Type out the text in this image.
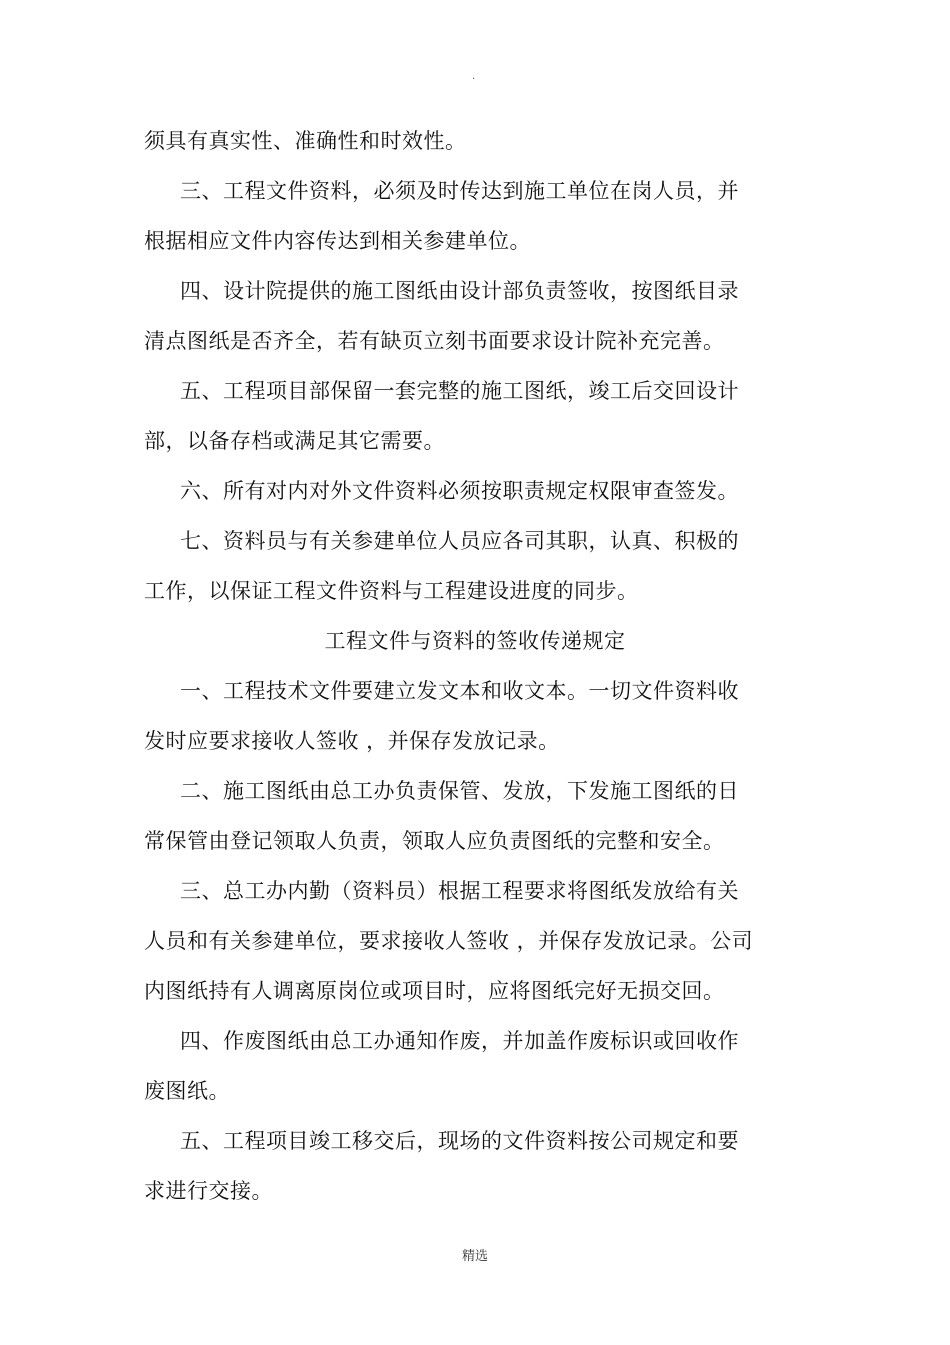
.
须具有真实性、准确性和时效性。
三、工程文件资料，必须及时传达到施工单位在岗人员，并
根据相应文件内容传达到相关参建单位。
四、设计院提供的施工图纸由设计部负责签收，按图纸目录
清点图纸是否齐全，若有缺页立刻书面要求设计院补充完善。
五、工程项目部保留一套完整的施工图纸，竣工后交回设计
部，以备存档或满足其它需要。
六、所有对内对外文件资料必须按职责规定权限审查签发。
七、资料员与有关参建单位人员应各司其职，认真、积极的
工作，以保证工程文件资料与工程建设进度的同步。
工程文件与资料的签收传递规定
一、工程技术文件要建立发文本和收文本。一切文件资料收
发时应要求接收人签收 ，并保存发放记录。
二、施工图纸由总工办负责保管、发放，下发施工图纸的日
常保管由登记领取人负责，领取人应负责图纸的完整和安全。
三、总工办内勤（资料员）根据工程要求将图纸发放给有关
人员和有关参建单位，要求接收人签收 ，并保存发放记录。公司
内图纸持有人调离原岗位或项目时，应将图纸完好无损交回。
四、作废图纸由总工办通知作废，并加盖作废标识或回收作
废图纸。
五、工程项目竣工移交后，现场的文件资料按公司规定和要
求进行交接。
精选
